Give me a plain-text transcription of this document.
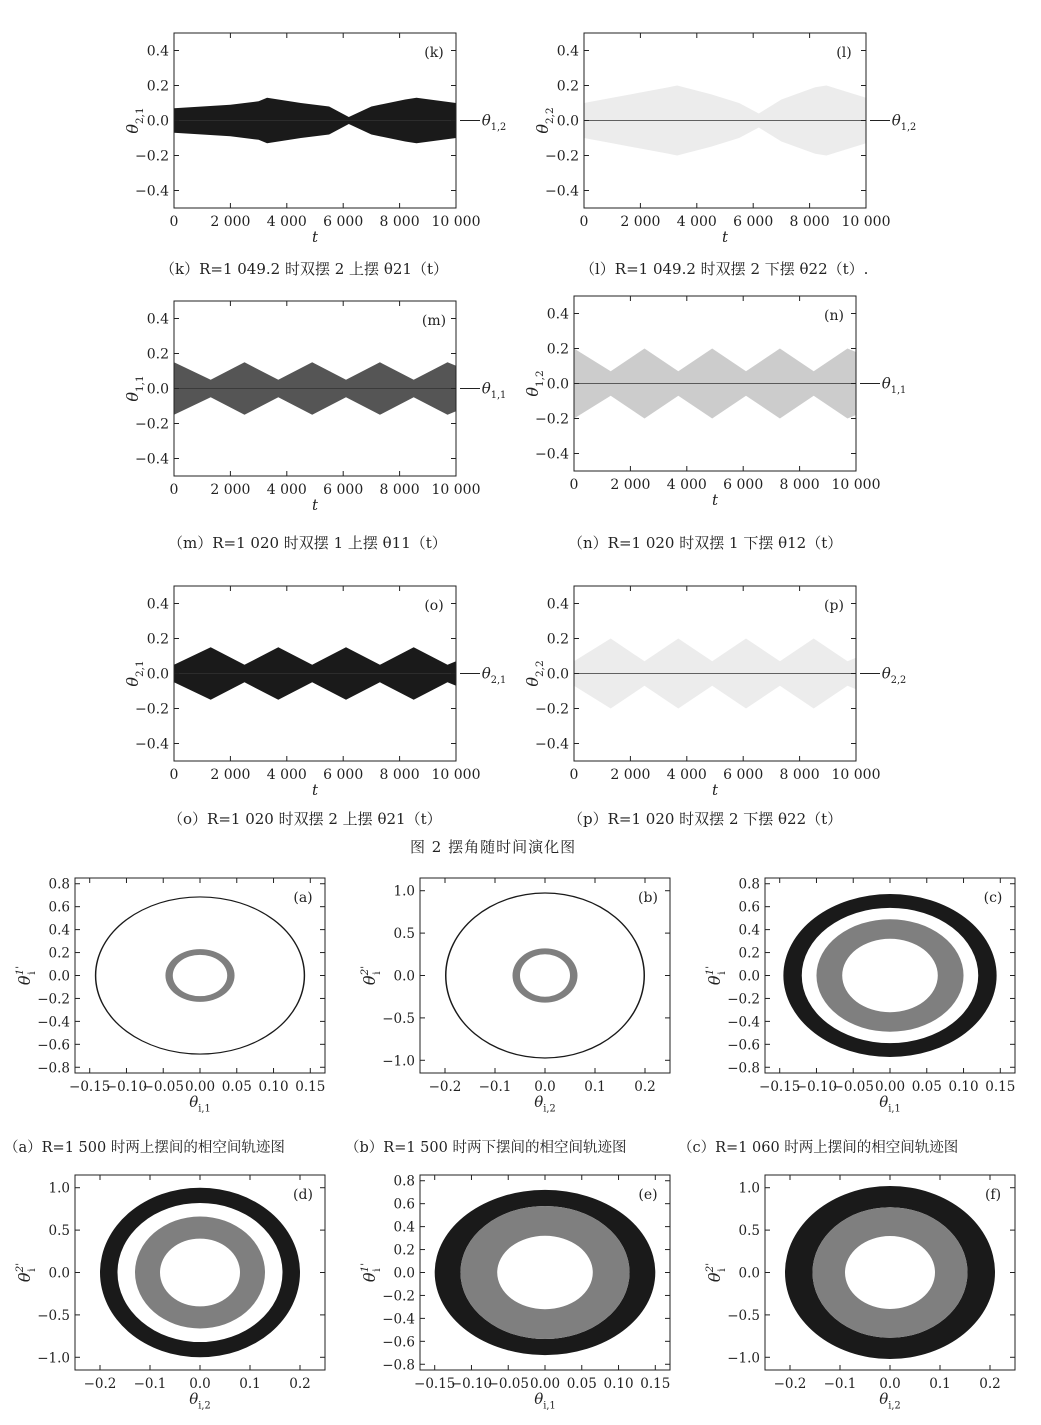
0.4
0.2
0.0
−0.2
−0.4
0 2 000 4 000 6 000 8 000 10 000
t
$\theta_{2,1}$
(k)
$\theta_{1,2}$
0.4
0.2
0.0
−0.2
−0.4
0 2 000 4 000 6 000 8 000 10 000
t
$\theta_{2,2}$
(l)
$\theta_{1,2}$
（k）R=1 049.2 时双摆 2 上摆 θ21（t）	（l）R=1 049.2 时双摆 2 下摆 θ22（t）.
0.4
0.2
0.0
−0.2
−0.4
0 2 000 4 000 6 000 8 000 10 000
t
$\theta_{1,1}$
(m)
$\theta_{1,1}$
0.4
0.2
0.0
−0.2
−0.4
0 2 000 4 000 6 000 8 000 10 000
t
$\theta_{1,2}$
(n)
$\theta_{1,1}$
（m）R=1 020 时双摆 1 上摆 θ11（t）	（n）R=1 020 时双摆 1 下摆 θ12（t）
0.4
0.2
0.0
−0.2
−0.4
0 2 000 4 000 6 000 8 000 10 000
t
$\theta_{2,1}$
(o)
$\theta_{2,1}$
0.4
0.2
0.0
−0.2
−0.4
0 2 000 4 000 6 000 8 000 10 000
t
$\theta_{2,2}$
(p)
$\theta_{2,2}$
（o）R=1 020 时双摆 2 上摆 θ21（t）	（p）R=1 020 时双摆 2 下摆 θ22（t）
图 2 摆角随时间演化图
0.8
0.6
0.4
0.2
0.0
−0.2
−0.4
−0.6
−0.8
−0.15
−0.10
−0.05 0.00 0.05 0.10 0.15
$\theta_{i,1}$
$\theta^{1'}i$
(a)	1.0
0.5
0.0
−0.5
−1.0
−0.2 −0.1 0.0 0.1 0.2
$\theta_{i,2}$
$\theta^{2'}i$
(b)
0.8
0.6
0.4
0.2
0.0
−0.2
−0.4
−0.6
−0.8
−0.15
−0.10
−0.05 0.00 0.05 0.10 0.15
$\theta_{i,1}$
$\theta^{1'}i$
(c)
（a）R=1 500 时两上摆间的相空间轨迹图	（b）R=1 500 时两下摆间的相空间轨迹图	（c）R=1 060 时两上摆间的相空间轨迹图
1.0
0.5
0.0
−0.5
−1.0
−0.2 −0.1 0.0 0.1 0.2
$\theta_{i,2}$
$\theta^{2'}i$
(d)
0.8
0.6
0.4
0.2
0.0
−0.2
−0.4
−0.6
−0.8
−0.15
−0.10
−0.05 0.00 0.05 0.10 0.15
$\theta_{i,1}$
$\theta^{1'}i$
(e)	1.0
0.5
0.0
−0.5
−1.0
−0.2 −0.1 0.0 0.1 0.2
$\theta_{i,2}$
$\theta^{2'}i$
(f)
